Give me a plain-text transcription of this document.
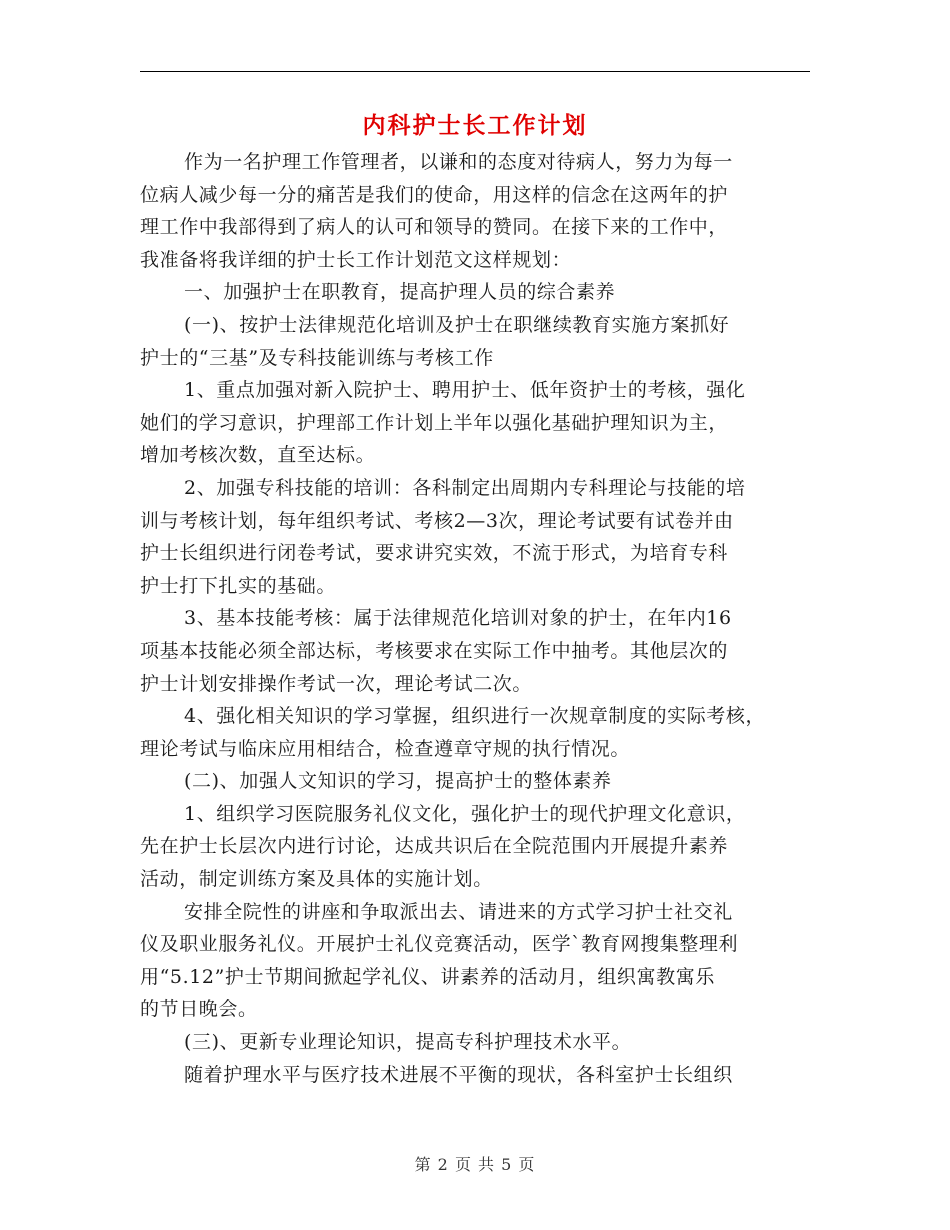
内科护士长工作计划
作为一名护理工作管理者，以谦和的态度对待病人，努力为每一
位病人减少每一分的痛苦是我们的使命，用这样的信念在这两年的护
理工作中我部得到了病人的认可和领导的赞同。在接下来的工作中，
我准备将我详细的护士长工作计划范文这样规划：
一、加强护士在职教育，提高护理人员的综合素养
(一)、按护士法律规范化培训及护士在职继续教育实施方案抓好
护士的“三基”及专科技能训练与考核工作
1、重点加强对新入院护士、聘用护士、低年资护士的考核，强化
她们的学习意识，护理部工作计划上半年以强化基础护理知识为主，
增加考核次数，直至达标。
2、加强专科技能的培训：各科制定出周期内专科理论与技能的培
训与考核计划，每年组织考试、考核2—3次，理论考试要有试卷并由
护士长组织进行闭卷考试，要求讲究实效，不流于形式，为培育专科
护士打下扎实的基础。
3、基本技能考核：属于法律规范化培训对象的护士，在年内16
项基本技能必须全部达标，考核要求在实际工作中抽考。其他层次的
护士计划安排操作考试一次，理论考试二次。
4、强化相关知识的学习掌握，组织进行一次规章制度的实际考核，
理论考试与临床应用相结合，检查遵章守规的执行情况。
(二)、加强人文知识的学习，提高护士的整体素养
1、组织学习医院服务礼仪文化，强化护士的现代护理文化意识，
先在护士长层次内进行讨论，达成共识后在全院范围内开展提升素养
活动，制定训练方案及具体的实施计划。
安排全院性的讲座和争取派出去、请进来的方式学习护士社交礼
仪及职业服务礼仪。开展护士礼仪竞赛活动，医学`教育网搜集整理利
用“5.12”护士节期间掀起学礼仪、讲素养的活动月，组织寓教寓乐
的节日晚会。
(三)、更新专业理论知识，提高专科护理技术水平。
随着护理水平与医疗技术进展不平衡的现状，各科室护士长组织
第 2 页 共 5 页
